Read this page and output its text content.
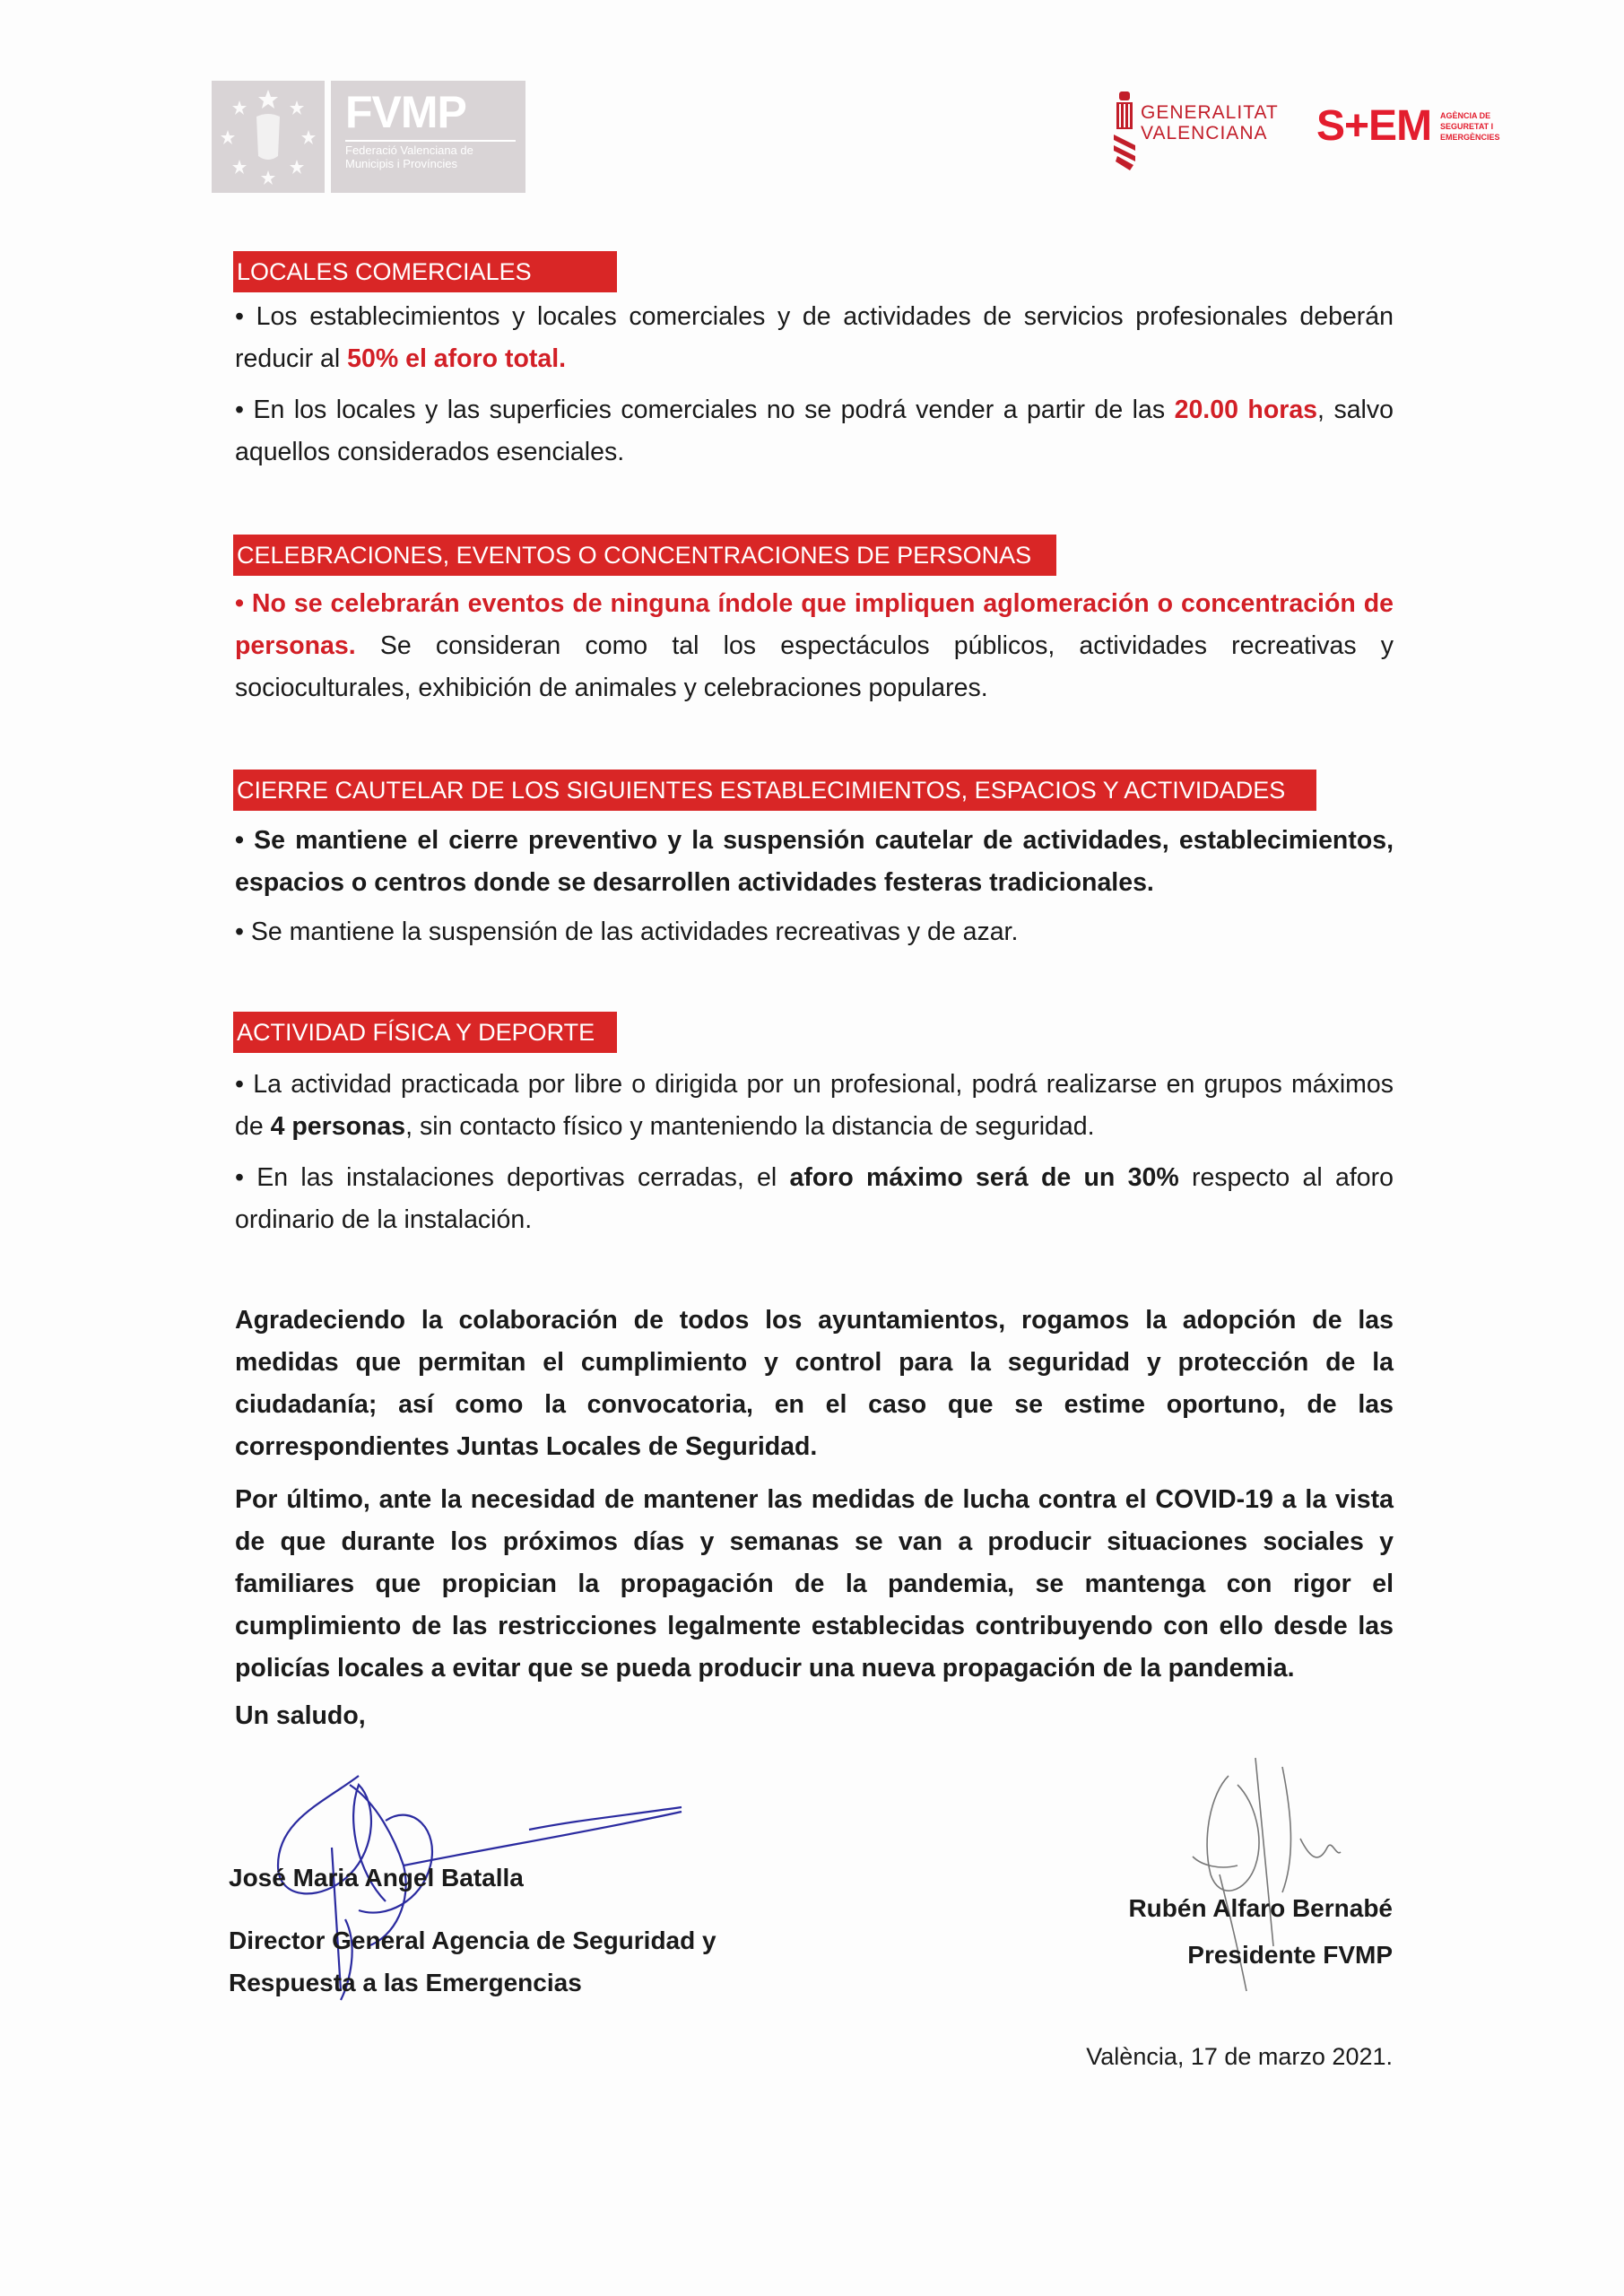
FVMP
Federació Valenciana de Municipis i Províncies
GENERALITAT
VALENCIANA S+EM AGÈNCIA DE SEGURETAT I EMERGÈNCIES
LOCALES COMERCIALES
• Los establecimientos y locales comerciales y de actividades de servicios profesionales deberán reducir al 50% el aforo total.
• En los locales y las superficies comerciales no se podrá vender a partir de las 20.00 horas, salvo aquellos considerados esenciales.
CELEBRACIONES, EVENTOS O CONCENTRACIONES DE PERSONAS
• No se celebrarán eventos de ninguna índole que impliquen aglomeración o concentración de personas. Se consideran como tal los espectáculos públicos, actividades recreativas y socioculturales, exhibición de animales y celebraciones populares.
CIERRE CAUTELAR DE LOS SIGUIENTES ESTABLECIMIENTOS, ESPACIOS Y ACTIVIDADES
• Se mantiene el cierre preventivo y la suspensión cautelar de actividades, establecimientos, espacios o centros donde se desarrollen actividades festeras tradicionales.
• Se mantiene la suspensión de las actividades recreativas y de azar.
ACTIVIDAD FÍSICA Y DEPORTE
• La actividad practicada por libre o dirigida por un profesional, podrá realizarse en grupos máximos de 4 personas, sin contacto físico y manteniendo la distancia de seguridad.
• En las instalaciones deportivas cerradas, el aforo máximo será de un 30% respecto al aforo ordinario de la instalación.
Agradeciendo la colaboración de todos los ayuntamientos, rogamos la adopción de las medidas que permitan el cumplimiento y control para la seguridad y protección de la ciudadanía; así como la convocatoria, en el caso que se estime oportuno, de las correspondientes Juntas Locales de Seguridad.
Por último, ante la necesidad de mantener las medidas de lucha contra el COVID-19 a la vista de que durante los próximos días y semanas se van a producir situaciones sociales y familiares que propician la propagación de la pandemia, se mantenga con rigor el cumplimiento de las restricciones legalmente establecidas contribuyendo con ello desde las policías locales a evitar que se pueda producir una nueva propagación de la pandemia.
Un saludo,
José Maria Angel Batalla
Director General Agencia de Seguridad y
Respuesta a las Emergencias
Rubén Alfaro Bernabé
Presidente FVMP
València, 17 de marzo 2021.
